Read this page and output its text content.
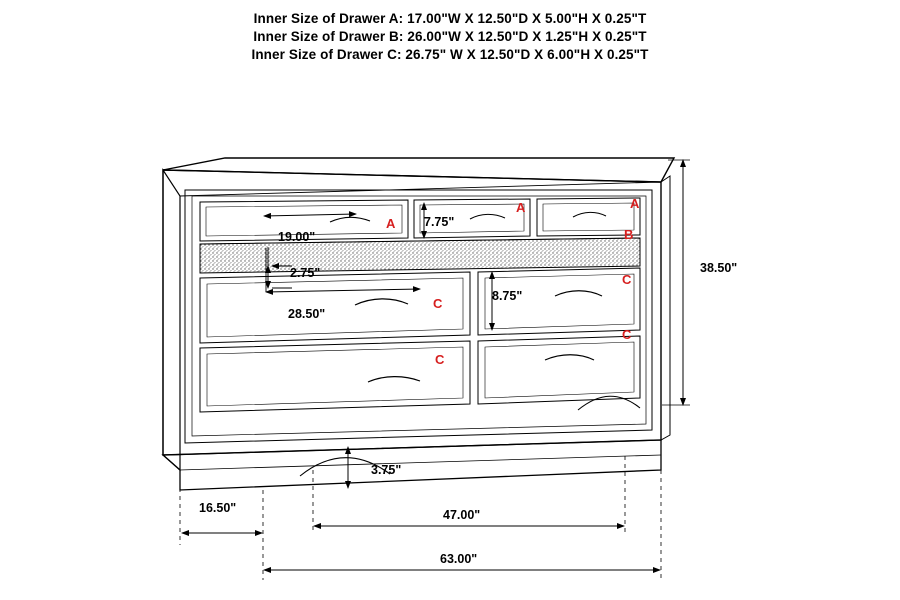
Inner Size of Drawer A: 17.00"W X 12.50"D X 5.00"H X 0.25"T
Inner Size of Drawer B: 26.00"W X 12.50"D X 1.25"H X 0.25"T
Inner Size of Drawer C: 26.75" W X 12.50"D X 6.00"H X 0.25"T
38.50"
19.00"
7.75"
2.75"
28.50"
8.75"
3.75"
16.50"	47.00"
63.00"
A
A	A
B
C
C
C
C
